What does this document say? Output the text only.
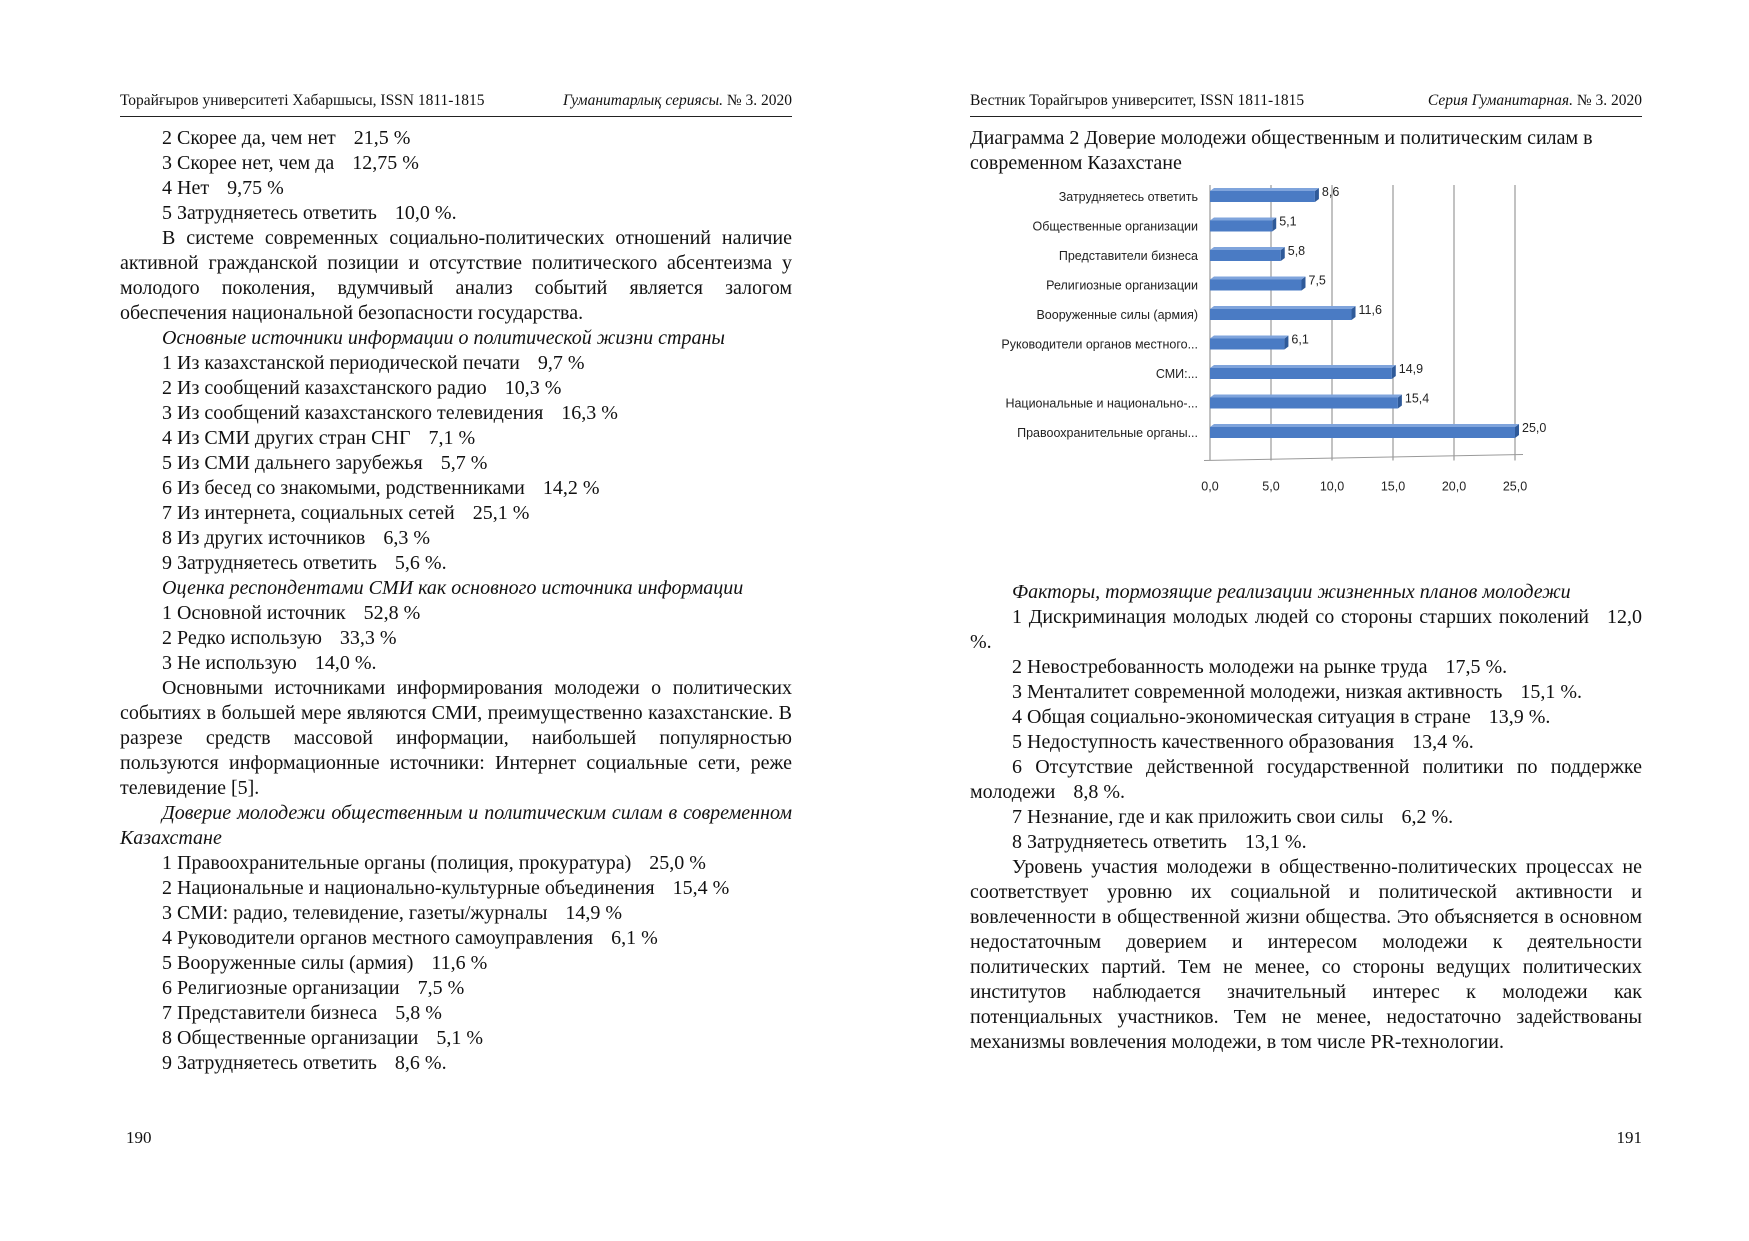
Торайғыров университеті Хабаршысы, ISSN 1811-1815	Гуманитарлық сериясы. № 3. 2020

2 Скорее да, чем нет 21,5 %

3 Скорее нет, чем да 12,75 %

4 Нет 9,75 %

5 Затрудняетесь ответить 10,0 %.

В системе современных социально-политических отношений наличие активной гражданской позиции и отсутствие политического абсентеизма у молодого поколения, вдумчивый анализ событий является залогом обеспечения национальной безопасности государства.

Основные источники информации о политической жизни страны

1 Из казахстанской периодической печати 9,7 %

2 Из сообщений казахстанского радио 10,3 %

3 Из сообщений казахстанского телевидения 16,3 %

4 Из СМИ других стран СНГ 7,1 %

5 Из СМИ дальнего зарубежья 5,7 %

6 Из бесед со знакомыми, родственниками 14,2 %

7 Из интернета, социальных сетей 25,1 %

8 Из других источников 6,3 %

9 Затрудняетесь ответить 5,6 %.

Оценка респондентами СМИ как основного источника информации

1 Основной источник 52,8 %

2 Редко использую 33,3 %

3 Не использую 14,0 %.

Основными источниками информирования молодежи о политических событиях в большей мере являются СМИ, преимущественно казахстанские. В разрезе средств массовой информации, наибольшей популярностью пользуются информационные источники: Интернет социальные сети, реже телевидение [5].

Доверие молодежи общественным и политическим силам в современном Казахстане

1 Правоохранительные органы (полиция, прокуратура) 25,0 %

2 Национальные и национально-культурные объединения 15,4 %

3 СМИ: радио, телевидение, газеты/журналы 14,9 %

4 Руководители органов местного самоуправления 6,1 %

5 Вооруженные силы (армия) 11,6 %

6 Религиозные организации 7,5 %

7 Представители бизнеса 5,8 %

8 Общественные организации 5,1 %

9 Затрудняетесь ответить 8,6 %.

190
Вестник Торайгыров университет, ISSN 1811-1815	Серия Гуманитарная. № 3. 2020
Диаграмма 2 Доверие молодежи общественным и политическим силам в современном Казахстане
Затрудняетесь ответить
Общественные организации
Представители бизнеса
Религиозные организации
Вооруженные силы (армия)
Руководители органов местного...
СМИ:...
Национальные и национально-...
Правоохранительные органы...
8,6
5,1
5,8
7,5
11,6
6,1
14,9
15,4
25,0
0,0	5,0	10,0	15,0	20,0	25,0

Факторы, тормозящие реализации жизненных планов молодежи

1 Дискриминация молодых людей со стороны старших поколений 12,0 %.

2 Невостребованность молодежи на рынке труда 17,5 %.

3 Менталитет современной молодежи, низкая активность 15,1 %.

4 Общая социально-экономическая ситуация в стране 13,9 %.

5 Недоступность качественного образования 13,4 %.

6 Отсутствие действенной государственной политики по поддержке молодежи 8,8 %.

7 Незнание, где и как приложить свои силы 6,2 %.

8 Затрудняетесь ответить 13,1 %.

Уровень участия молодежи в общественно-политических процессах не соответствует уровню их социальной и политической активности и вовлеченности в общественной жизни общества. Это объясняется в основном недостаточным доверием и интересом молодежи к деятельности политических партий. Тем не менее, со стороны ведущих политических институтов наблюдается значительный интерес к молодежи как потенциальных участников. Тем не менее, недостаточно задействованы механизмы вовлечения молодежи, в том числе PR-технологии.

191
